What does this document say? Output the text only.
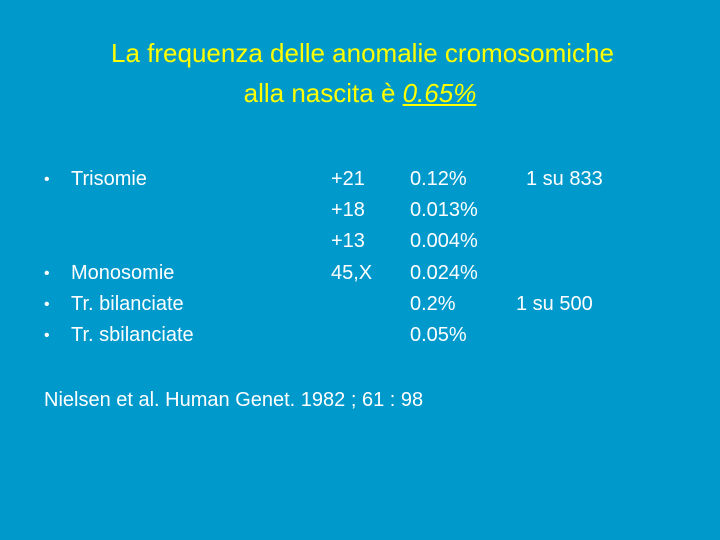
La frequenza delle anomalie cromosomiche
alla nascita è 0.65%
• Trisomie
• Monosomie
• Tr. bilanciate
• Tr. sbilanciate
+21
+18
+13
45,X
0.12%
0.013%
0.004%
0.024%
0.2%
0.05%
1 su 833
1 su 500
Nielsen et al. Human Genet. 1982 ; 61 : 98
